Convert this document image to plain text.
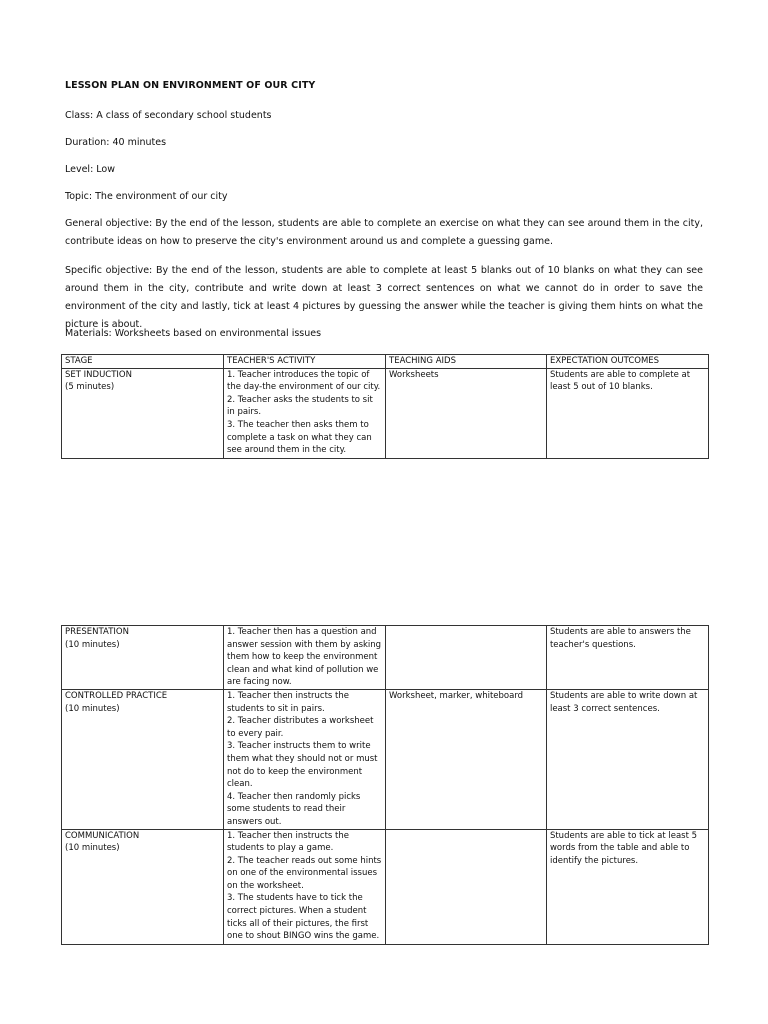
LESSON PLAN ON ENVIRONMENT OF OUR CITY
Class: A class of secondary school students
Duration: 40 minutes
Level: Low
Topic: The environment of our city
General objective: By the end of the lesson, students are able to complete an exercise on what they can see around them in the city, contribute ideas on how to preserve the city's environment around us and complete a guessing game.
Specific objective: By the end of the lesson, students are able to complete at least 5 blanks out of 10 blanks on what they can see around them in the city, contribute and write down at least 3 correct sentences on what we cannot do in order to save the environment of the city and lastly, tick at least 4 pictures by guessing the answer while the teacher is giving them hints on what the picture is about.
Materials: Worksheets based on environmental issues
STAGE	TEACHER'S ACTIVITY	TEACHING AIDS	EXPECTATION OUTCOMES

SET INDUCTION
(5 minutes)	1. Teacher introduces the topic of the day-the environment of our city.
2. Teacher asks the students to sit in pairs.
3. The teacher then asks them to complete a task on what they can see around them in the city.	Worksheets	Students are able to complete at least 5 out of 10 blanks.
PRESENTATION
(10 minutes)	1. Teacher then has a question and answer session with them by asking them how to keep the environment clean and what kind of pollution we are facing now.		Students are able to answers the teacher's questions.

CONTROLLED PRACTICE
(10 minutes)	1. Teacher then instructs the students to sit in pairs.
2. Teacher distributes a worksheet to every pair.
3. Teacher instructs them to write them what they should not or must not do to keep the environment clean.
4. Teacher then randomly picks some students to read their answers out.	Worksheet, marker, whiteboard	Students are able to write down at least 3 correct sentences.

COMMUNICATION
(10 minutes)	1. Teacher then instructs the students to play a game.
2. The teacher reads out some hints on one of the environmental issues on the worksheet.
3. The students have to tick the correct pictures. When a student ticks all of their pictures, the first one to shout BINGO wins the game.		Students are able to tick at least 5 words from the table and able to identify the pictures.
